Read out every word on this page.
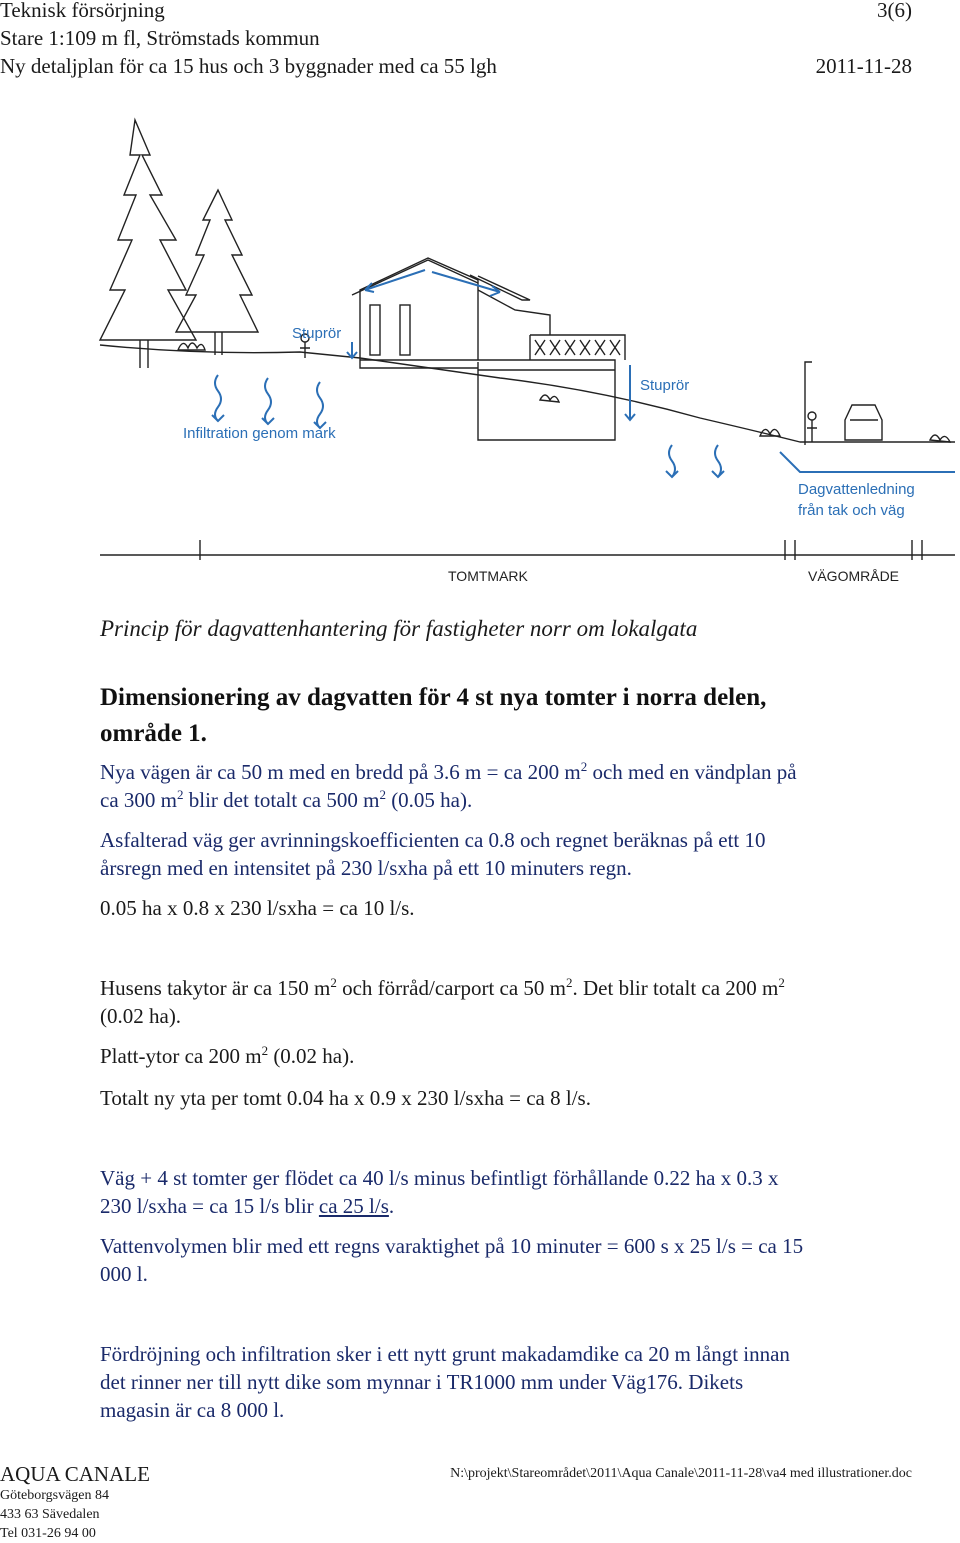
Teknisk försörjning	3(6)
Stare 1:109 m fl, Strömstads kommun
Ny detaljplan för ca 15 hus och 3 byggnader med ca 55 lgh	2011-11-28
Stuprör
Stuprör
Infiltration genom mark
Dagvattenledning
från tak och väg
TOMTMARK	VÄGOMRÅDE
Princip för dagvattenhantering för fastigheter norr om lokalgata
Dimensionering av dagvatten för 4 st nya tomter i norra delen,
område 1.

Nya vägen är ca 50 m med en bredd på 3.6 m = ca 200 $m^2$ och med en vändplan på
ca 300 $m^2$ blir det totalt ca 500 $m^2$ (0.05 ha).

Asfalterad väg ger avrinningskoefficienten ca 0.8 och regnet beräknas på ett 10
årsregn med en intensitet på 230 l/sxha på ett 10 minuters regn.

0.05 ha x 0.8 x 230 l/sxha = ca 10 l/s.

Husens takytor är ca 150 $m^2$ och förråd/carport ca 50 $m^2$. Det blir totalt ca 200 $m^2$
(0.02 ha).

Platt-ytor ca 200 $m^2$ (0.02 ha).

Totalt ny yta per tomt 0.04 ha x 0.9 x 230 l/sxha = ca 8 l/s.

Väg + 4 st tomter ger flödet ca 40 l/s minus befintligt förhållande 0.22 ha x 0.3 x
230 l/sxha = ca 15 l/s blir ca 25 l/s.

Vattenvolymen blir med ett regns varaktighet på 10 minuter = 600 s x 25 l/s = ca 15
000 l.

Fördröjning och infiltration sker i ett nytt grunt makadamdike ca 20 m långt innan
det rinner ner till nytt dike som mynnar i TR1000 mm under Väg176. Dikets
magasin är ca 8 000 l.

AQUA CANALE
Göteborgsvägen 84
433 63 Sävedalen
Tel 031-26 94 00
N:\projekt\Stareområdet\2011\Aqua Canale\2011-11-28\va4 med illustrationer.doc
